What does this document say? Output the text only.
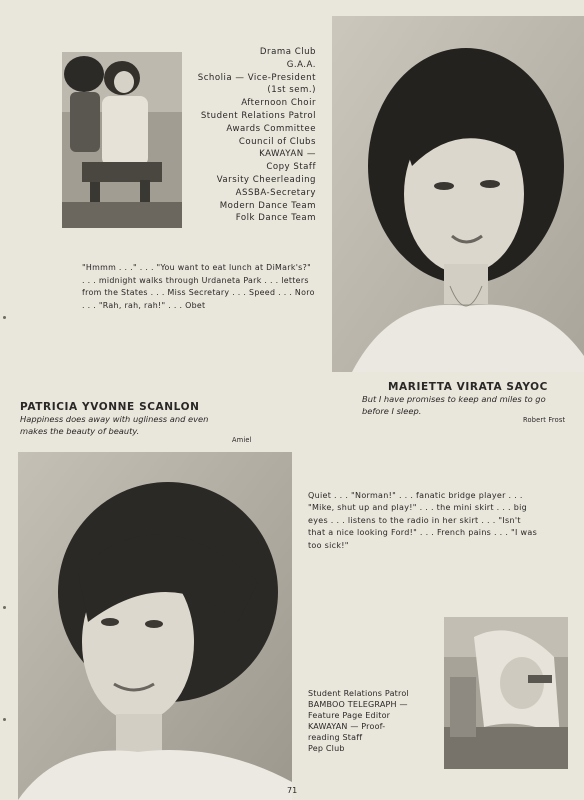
Drama Club
G.A.A.
Scholia — Vice-President
(1st sem.)
Afternoon Choir
Student Relations Patrol
Awards Committee
Council of Clubs
KAWAYAN —
Copy Staff
Varsity Cheerleading
ASSBA-Secretary
Modern Dance Team
Folk Dance Team
"Hmmm . . ." . . . "You want to eat lunch at DiMark's?"
. . . midnight walks through Urdaneta Park . . . letters
from the States . . . Miss Secretary . . . Speed . . . Noro
. . . "Rah, rah, rah!" . . . Obet
MARIETTA VIRATA SAYOC
But I have promises to keep and miles to go
before I sleep.
Robert Frost
PATRICIA YVONNE SCANLON
Happiness does away with ugliness and even
makes the beauty of beauty.
Amiel
Quiet . . . "Norman!" . . . fanatic bridge player . . .
"Mike, shut up and play!" . . . the mini skirt . . . big
eyes . . . listens to the radio in her skirt . . . "Isn't
that a nice looking Ford!" . . . French pains . . . "I was
too sick!"
Student Relations Patrol
BAMBOO TELEGRAPH —
Feature Page Editor
KAWAYAN — Proof-
reading Staff
Pep Club
71
